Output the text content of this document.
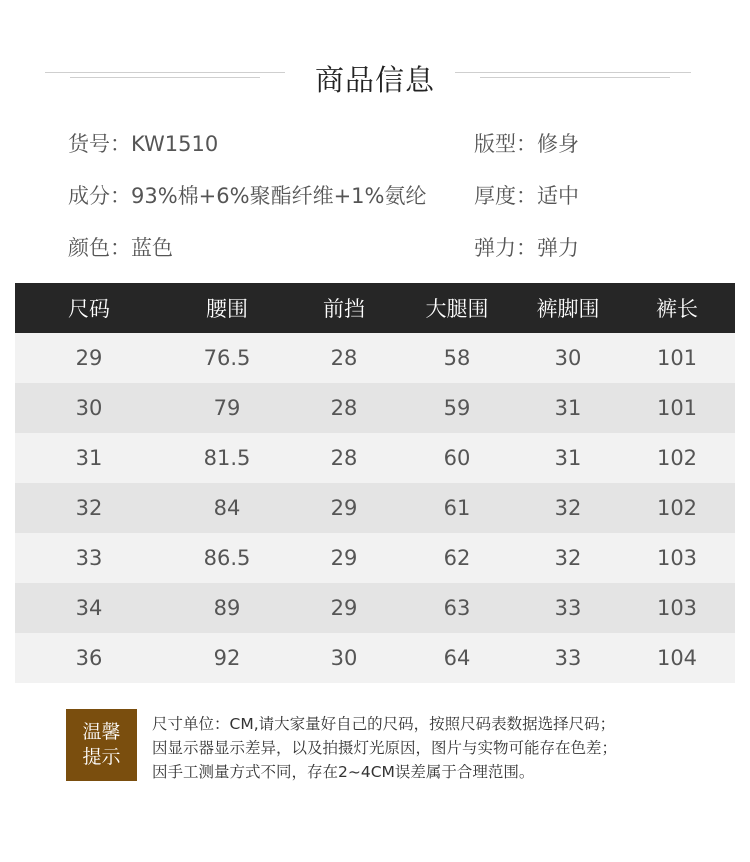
商品信息
货号：KW1510	版型：修身
成分：93%棉+6%聚酯纤维+1%氨纶 厚度：适中
颜色：蓝色	弹力：弹力
尺码	腰围	前挡	大腿围	裤脚围	裤长
29	76.5	28	58	30	101
30	79	28	59	31	101
31	81.5	28	60	31	102
32	84	29	61	32	102
33	86.5	29	62	32	103
34	89	29	63	33	103
36	92	30	64	33	104
温馨
提示
尺寸单位：CM,请大家量好自己的尺码，按照尺码表数据选择尺码；
因显示器显示差异，以及拍摄灯光原因，图片与实物可能存在色差；
因手工测量方式不同，存在2~4CM误差属于合理范围。
